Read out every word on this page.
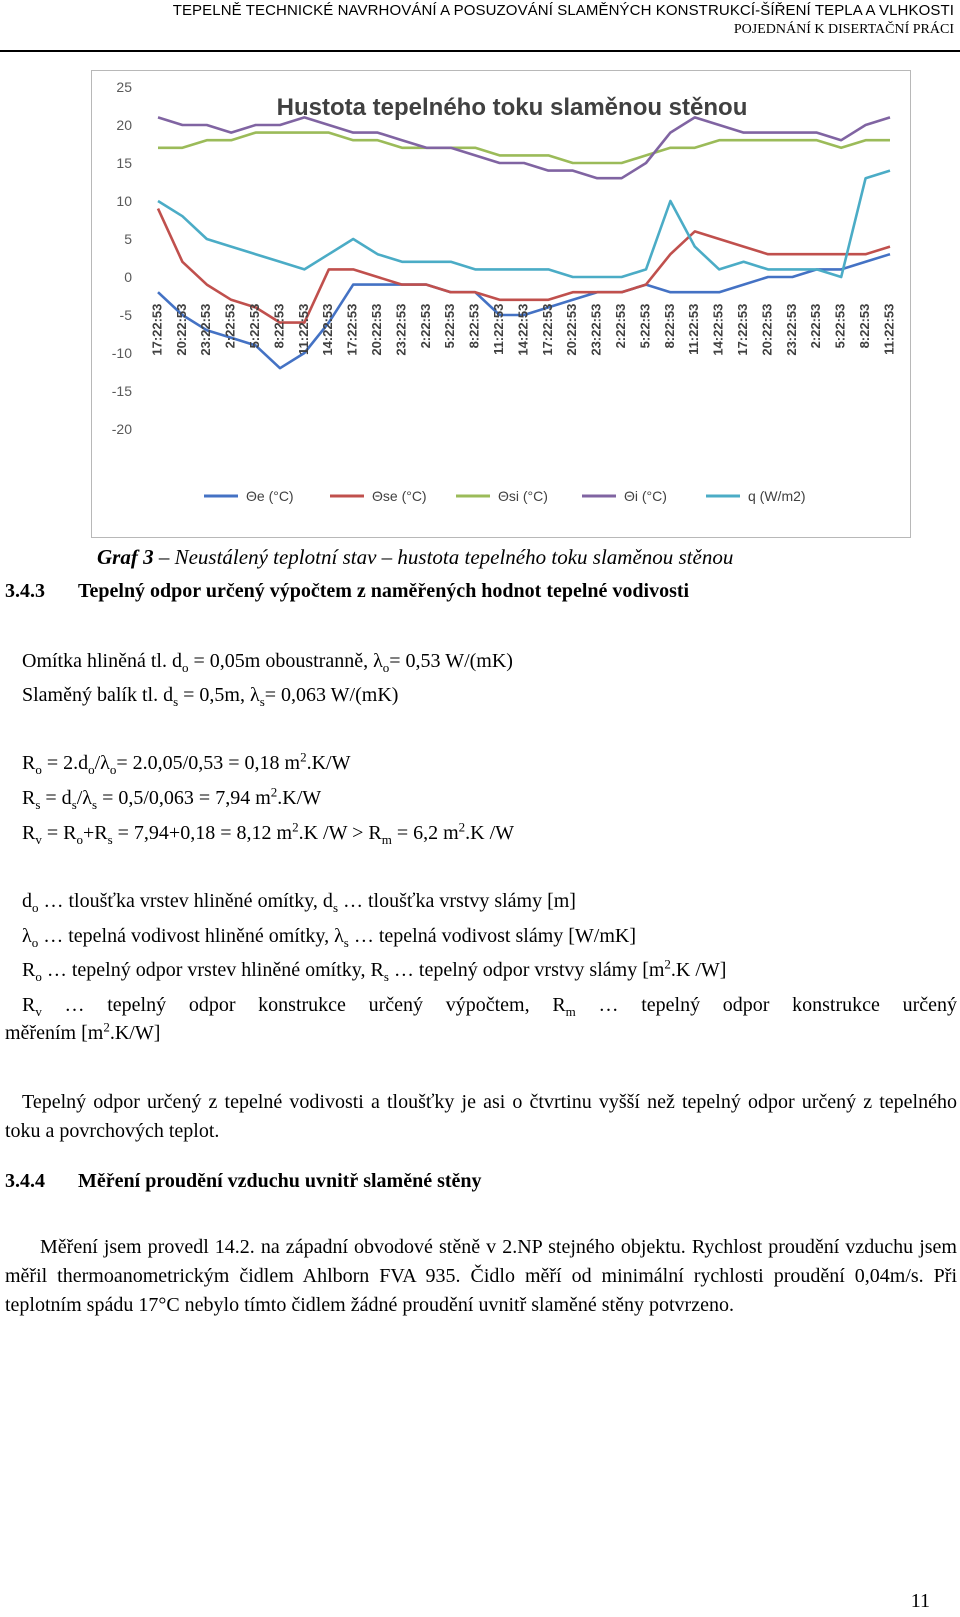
TEPELNĚ TECHNICKÉ NAVRHOVÁNÍ A POSUZOVÁNÍ SLAMĚNÝCH KONSTRUKCÍ-ŠÍŘENÍ TEPLA A VLHKOSTI
POJEDNÁNÍ K DISERTAČNÍ PRÁCI
25
20
15
10
5
0
-5
-10
-15
-20
Hustota tepelného toku slaměnou stěnou
17:22:53 20:22:53 23:22:53 2:22:53 5:22:53 8:22:53 11:22:53 14:22:53 17:22:53 20:22:53 23:22:53 2:22:53 5:22:53 8:22:53 11:22:53 14:22:53 17:22:53 20:22:53 23:22:53 2:22:53 5:22:53 8:22:53 11:22:53 14:22:53 17:22:53 20:22:53 23:22:53 2:22:53 5:22:53 8:22:53 11:22:53
Θe (°C)	Θse (°C)	Θsi (°C)	Θi (°C)	q (W/m2)
Graf 3 – Neustálený teplotní stav – hustota tepelného toku slaměnou stěnou
3.4.3 Tepelný odpor určený výpočtem z naměřených hodnot tepelné vodivosti
Omítka hliněná tl. $d_o = 0,05m$ oboustranně, $\lambda_o= 0,53$ W/(mK)
Slaměný balík tl. $d_s = 0,5m$, $\lambda_s= 0,063$ W/(mK)
$R_o = 2.d_o/\lambda_o= 2.0,05/0,53 = 0,18$ $m^2.K/W$
$R_s = d_s/\lambda_s = 0,5/0,063 = 7,94$ $m^2.K/W$
$R_v = R_o+R_s = 7,94+0,18 = 8,12$ $m^2.K$ $/W > R_m = 6,2$ $m^2.K$ /W
$d_o$ … tloušťka vrstev hliněné omítky, $d_s$ … tloušťka vrstvy slámy [m]
$\lambda_o$ … tepelná vodivost hliněné omítky, $\lambda_s$ … tepelná vodivost slámy [W/mK]
$R_o$ … tepelný odpor vrstev hliněné omítky, $R_s$ … tepelný odpor vrstvy slámy [$m^2.K$ /W]
$R_v$ … tepelný odpor konstrukce určený výpočtem, $R_m$ … tepelný odpor konstrukce určený
měřením $[m^2.K/W]$
Tepelný odpor určený z tepelné vodivosti a tloušťky je asi o čtvrtinu vyšší než tepelný odpor určený z tepelného toku a povrchových teplot.
3.4.4 Měření proudění vzduchu uvnitř slaměné stěny
Měření jsem provedl 14.2. na západní obvodové stěně v 2.NP stejného objektu. Rychlost proudění vzduchu jsem měřil thermoanometrickým čidlem Ahlborn FVA 935. Čidlo měří od minimální rychlosti proudění 0,04m/s. Při teplotním spádu 17°C nebylo tímto čidlem žádné proudění uvnitř slaměné stěny potvrzeno.
11
